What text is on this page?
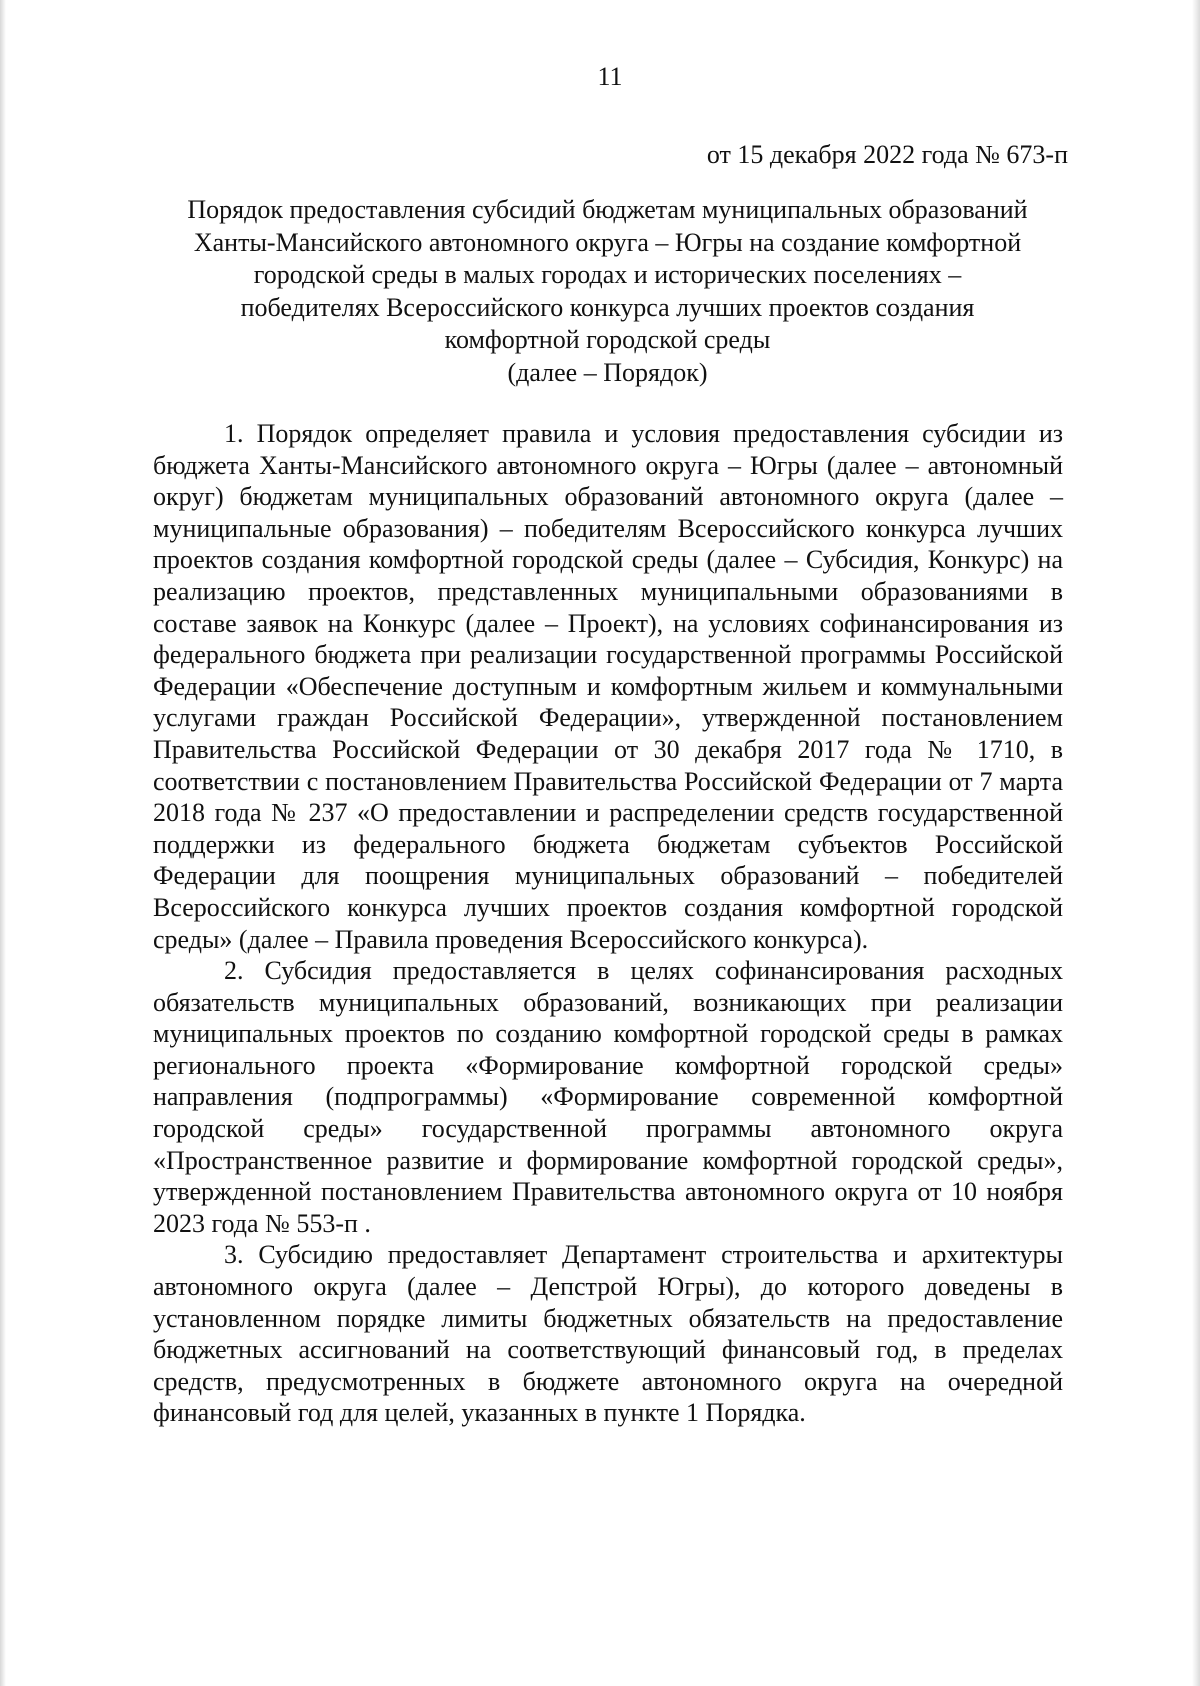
11
от 15 декабря 2022 года № 673-п
Порядок предоставления субсидий бюджетам муниципальных образований
Ханты-Мансийского автономного округа – Югры на создание комфортной
городской среды в малых городах и исторических поселениях –
победителях Всероссийского конкурса лучших проектов создания
комфортной городской среды
(далее – Порядок)

1. Порядок определяет правила и условия предоставления субсидии из бюджета Ханты-Мансийского автономного округа – Югры (далее – автономный округ) бюджетам муниципальных образований автономного округа (далее – муниципальные образования) – победителям Всероссийского конкурса лучших проектов создания комфортной городской среды (далее – Субсидия, Конкурс) на реализацию проектов, представленных муниципальными образованиями в составе заявок на Конкурс (далее – Проект), на условиях софинансирования из федерального бюджета при реализации государственной программы Российской Федерации «Обеспечение доступным и комфортным жильем и коммунальными услугами граждан Российской Федерации», утвержденной постановлением Правительства Российской Федерации от 30 декабря 2017 года № 1710, в соответствии с постановлением Правительства Российской Федерации от 7 марта 2018 года № 237 «О предоставлении и распределении средств государственной поддержки из федерального бюджета бюджетам субъектов Российской Федерации для поощрения муниципальных образований – победителей Всероссийского конкурса лучших проектов создания комфортной городской среды» (далее – Правила проведения Всероссийского конкурса).

2. Субсидия предоставляется в целях софинансирования расходных обязательств муниципальных образований, возникающих при реализации муниципальных проектов по созданию комфортной городской среды в рамках регионального проекта «Формирование комфортной городской среды» направления (подпрограммы) «Формирование современной комфортной городской среды» государственной программы автономного округа «Пространственное развитие и формирование комфортной городской среды», утвержденной постановлением Правительства автономного округа от 10 ноября 2023 года № 553-п .

3. Субсидию предоставляет Департамент строительства и архитектуры автономного округа (далее – Депстрой Югры), до которого доведены в установленном порядке лимиты бюджетных обязательств на предоставление бюджетных ассигнований на соответствующий финансовый год, в пределах средств, предусмотренных в бюджете автономного округа на очередной финансовый год для целей, указанных в пункте 1 Порядка.
